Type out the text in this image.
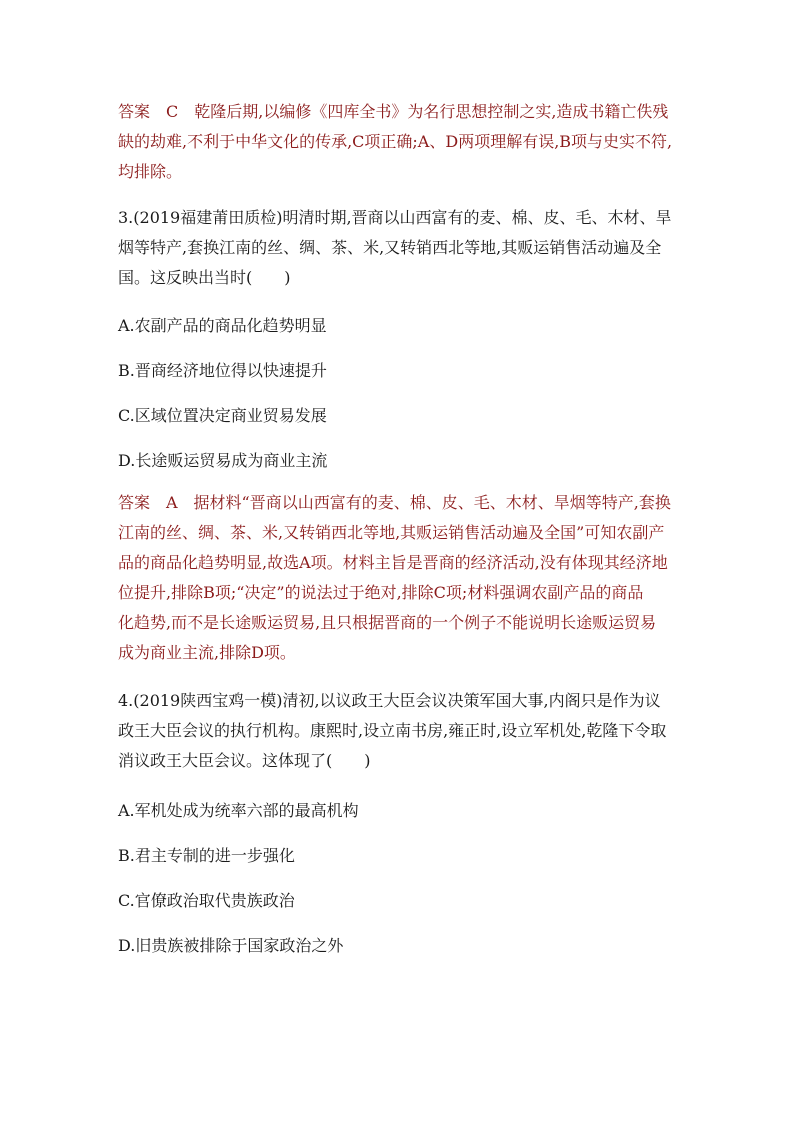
答案　C　乾隆后期,以编修《四库全书》为名行思想控制之实,造成书籍亡佚残
缺的劫难,不利于中华文化的传承,C项正确;A、D两项理解有误,B项与史实不符,
均排除。
3.(2019福建莆田质检)明清时期,晋商以山西富有的麦、棉、皮、毛、木材、旱
烟等特产,套换江南的丝、绸、茶、米,又转销西北等地,其贩运销售活动遍及全
国。这反映出当时(　　)
A.农副产品的商品化趋势明显
B.晋商经济地位得以快速提升
C.区域位置决定商业贸易发展
D.长途贩运贸易成为商业主流
答案　A　据材料“晋商以山西富有的麦、棉、皮、毛、木材、旱烟等特产,套换
江南的丝、绸、茶、米,又转销西北等地,其贩运销售活动遍及全国”可知农副产
品的商品化趋势明显,故选A项。材料主旨是晋商的经济活动,没有体现其经济地
位提升,排除B项;“决定”的说法过于绝对,排除C项;材料强调农副产品的商品
化趋势,而不是长途贩运贸易,且只根据晋商的一个例子不能说明长途贩运贸易
成为商业主流,排除D项。
4.(2019陕西宝鸡一模)清初,以议政王大臣会议决策军国大事,内阁只是作为议
政王大臣会议的执行机构。康熙时,设立南书房,雍正时,设立军机处,乾隆下令取
消议政王大臣会议。这体现了(　　)
A.军机处成为统率六部的最高机构
B.君主专制的进一步强化
C.官僚政治取代贵族政治
D.旧贵族被排除于国家政治之外
